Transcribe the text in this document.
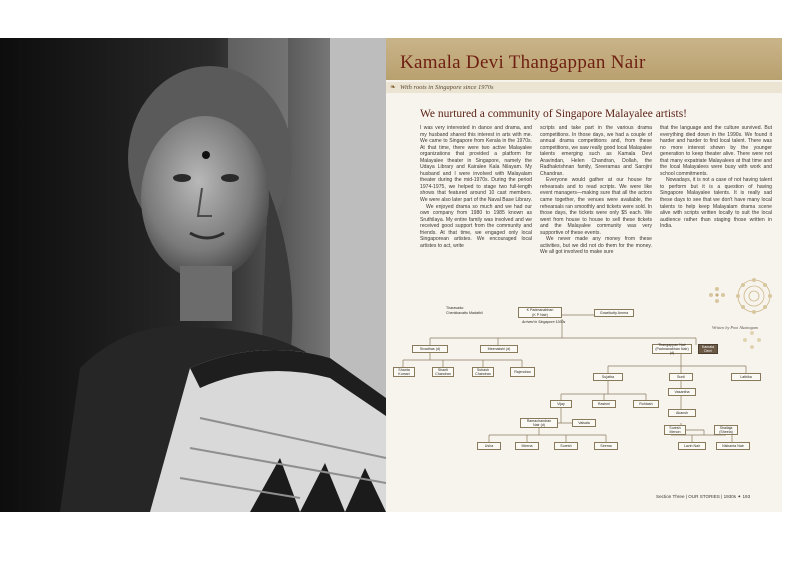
Kamala Devi Thangappan Nair
❧ With roots in Singapore since 1970s
We nurtured a community of Singapore Malayalee artists!

I was very interested in dance and drama, and my husband shared this interest in arts with me. We came to Singapore from Kerala in the 1970s. At that time, there were two active Malayalee organizations that provided a platform for Malayalee theater in Singapore, namely the Udaya Library and Kairalee Kala Nilayam. My husband and I were involved with Malayalam theater during the mid-1970s. During the period 1974-1975, we helped to stage two full-length shows that featured around 10 cast members. We were also later part of the Naval Base Library.

We enjoyed drama so much and we had our own company from 1980 to 1985 known as Sruthilaya. My entire family was involved and we received good support from the community and friends. At that time, we engaged only local Singaporean artistes. We encouraged local artistes to act, write

scripts and take part in the various drama competitions. In those days, we had a couple of annual drama competitions and, from these competitions, we saw really good local Malayalee talents emerging such as Kamala Devi Aravindan, Helen Chandran, Dollah, the Radhakrishnan family, Sreeramas and Sarojini Chandran.

Everyone would gather at our house for rehearsals and to read scripts. We were like event managers—making sure that all the actors came together, the venues were available, the rehearsals ran smoothly and tickets were sold. In those days, the tickets were only $5 each. We went from house to house to sell these tickets and the Malayalee community was very supportive of these events.

We never made any money from these activities, but we did not do them for the money. We all got involved to make sure

that the language and the culture survived. But everything died down in the 1990s. We found it harder and harder to find local talent. There was no more interest shown by the younger generation to keep theater alive. There were not that many expatriate Malayalees at that time and the local Malayalees were busy with work and school commitments.

Nowadays, it is not a case of not having talent to perform but it is a question of having Singapore Malayalee talents. It is really sad these days to see that we don't have many local talents to help keep Malayalam drama scene alive with scripts written locally to suit the local audience rather than staging those written in India.

Written by Pooi Akatragam
Tharavadu:
Chenkkavattu Madathil
K Padmanabhan
(K P Nair)
Arrived in Singapore 1930s
Gowrikutty Amma
Sivadhas (d)	Meenakshi (d)
Shanta
Kumari
Shanti
Chandran
Subash
Chandran
Rajendran
Thangappan Nair
(Padmanabhan Nair) (d)
Kamala
Devi
Sujatha	Sunil	Lathika
Vijay	Rashmi	Rohtash
Vasantha
Akansh
Ramachandran
Nair (d)
Valsala
Suresh
Menon
Shailaja
(Sheela)
Usha	Meena	Suresh	Seema	Lavin Nair	Nishanta Nair
Section Three | OUR STORIES | 1930s ✦ 193
